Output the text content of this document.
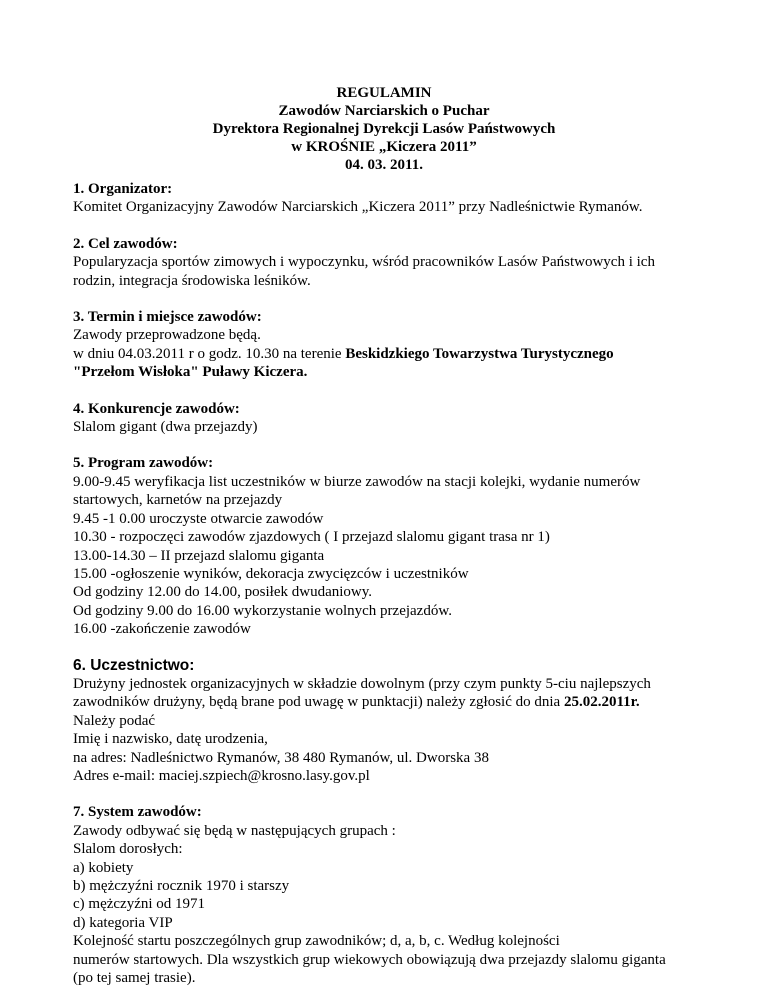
REGULAMIN
Zawodów Narciarskich o Puchar
Dyrektora Regionalnej Dyrekcji Lasów Państwowych
w KROŚNIE „Kiczera 2011”
04. 03. 2011.
1. Organizator:
Komitet Organizacyjny Zawodów Narciarskich „Kiczera 2011” przy Nadleśnictwie Rymanów.
2. Cel zawodów:
Popularyzacja sportów zimowych i wypoczynku, wśród pracowników Lasów Państwowych i ich
rodzin, integracja środowiska leśników.
3. Termin i miejsce zawodów:
Zawody przeprowadzone będą.
w dniu 04.03.2011 r o godz. 10.30 na terenie Beskidzkiego Towarzystwa Turystycznego
"Przełom Wisłoka" Puławy Kiczera.
4. Konkurencje zawodów:
Slalom gigant (dwa przejazdy)
5. Program zawodów:
9.00-9.45 weryfikacja list uczestników w biurze zawodów na stacji kolejki, wydanie numerów
startowych, karnetów na przejazdy
9.45 -1 0.00 uroczyste otwarcie zawodów
10.30 - rozpoczęci zawodów zjazdowych ( I przejazd slalomu gigant trasa nr 1)
13.00-14.30 – II przejazd slalomu giganta
15.00 -ogłoszenie wyników, dekoracja zwycięzców i uczestników
Od godziny 12.00 do 14.00, posiłek dwudaniowy.
Od godziny 9.00 do 16.00 wykorzystanie wolnych przejazdów.
16.00 -zakończenie zawodów
6. Uczestnictwo:
Drużyny jednostek organizacyjnych w składzie dowolnym (przy czym punkty 5-ciu najlepszych
zawodników drużyny, będą brane pod uwagę w punktacji) należy zgłosić do dnia 25.02.2011r.
Należy podać
Imię i nazwisko, datę urodzenia,
na adres: Nadleśnictwo Rymanów, 38 480 Rymanów, ul. Dworska 38
Adres e-mail: maciej.szpiech@krosno.lasy.gov.pl
7. System zawodów:
Zawody odbywać się będą w następujących grupach :
Slalom dorosłych:
a) kobiety
b) mężczyźni rocznik 1970 i starszy
c) mężczyźni od 1971
d) kategoria VIP
Kolejność startu poszczególnych grup zawodników; d, a, b, c. Według kolejności
numerów startowych. Dla wszystkich grup wiekowych obowiązują dwa przejazdy slalomu giganta
(po tej samej trasie).
